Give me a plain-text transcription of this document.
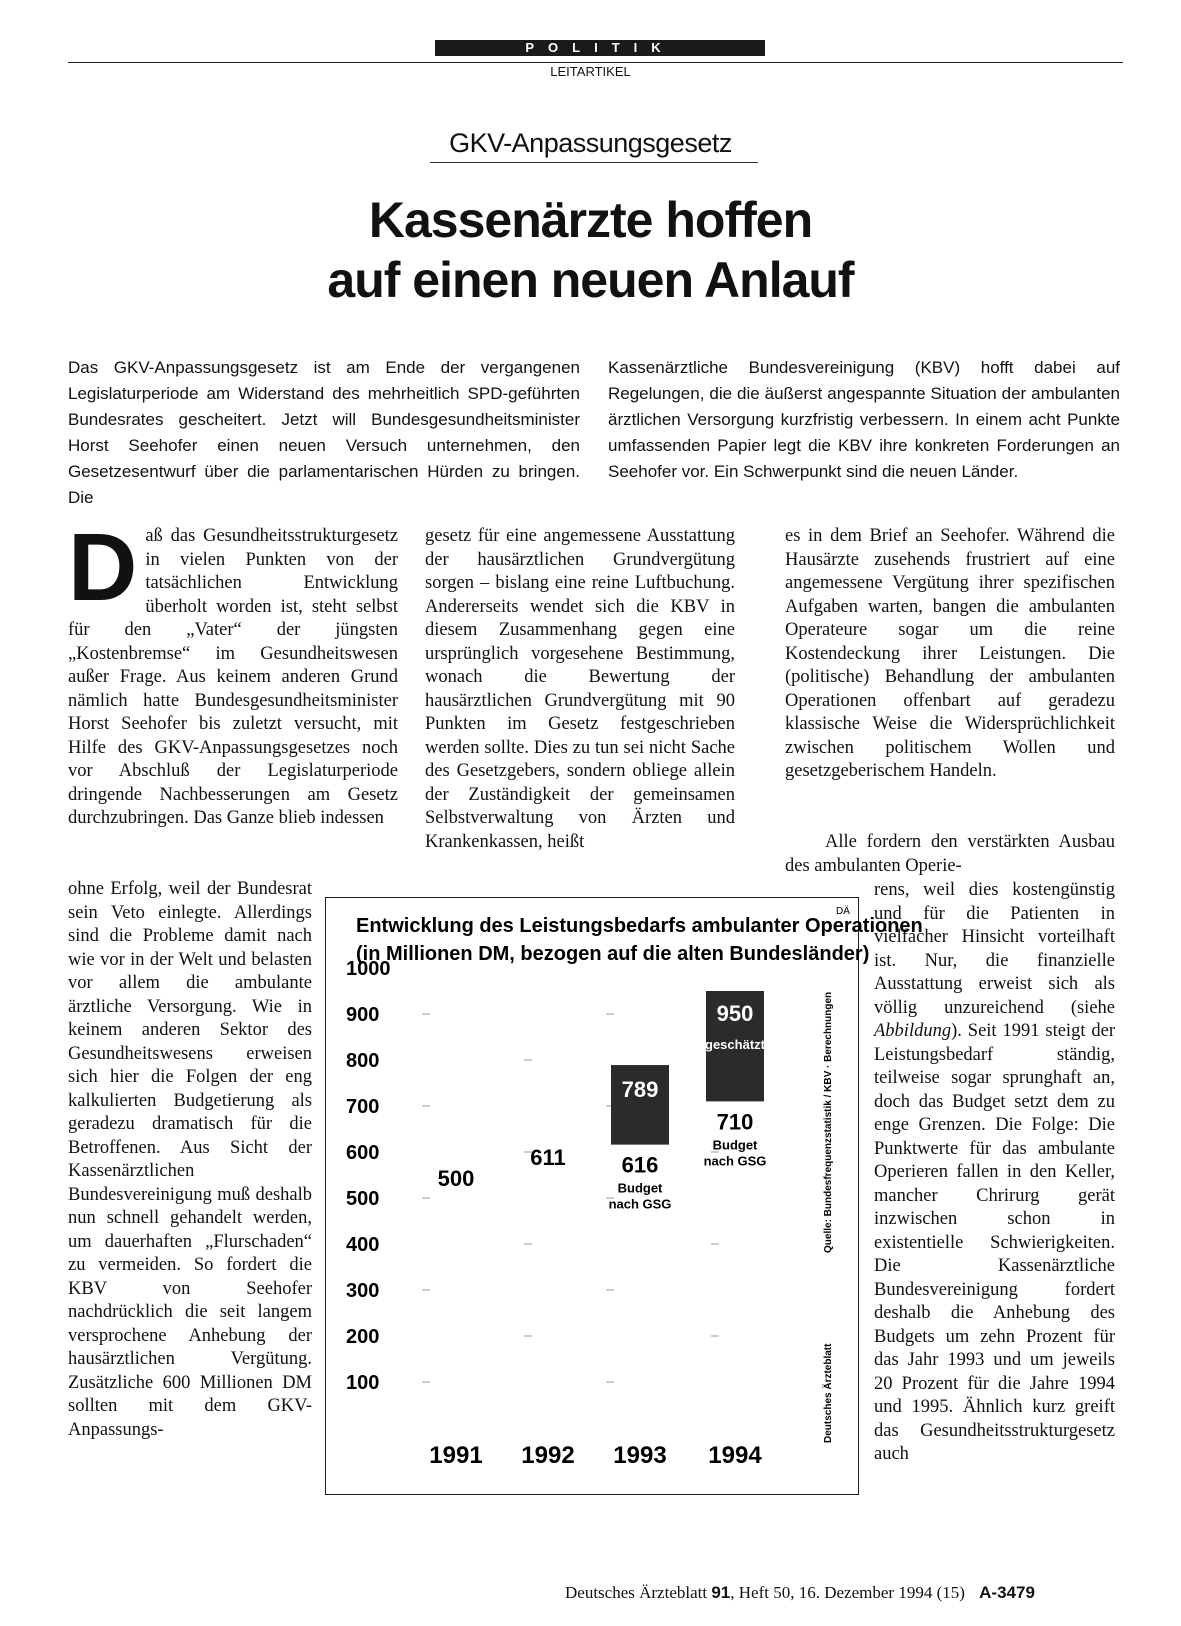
POLITIK
LEITARTIKEL
GKV-Anpassungsgesetz
Kassenärzte hoffen
auf einen neuen Anlauf
Das GKV-Anpassungsgesetz ist am Ende der vergangenen Legislaturperiode am Widerstand des mehrheitlich SPD-geführten Bundesrates gescheitert. Jetzt will Bundesgesundheitsminister Horst Seehofer einen neuen Versuch unternehmen, den Gesetzesentwurf über die parlamentarischen Hürden zu bringen. Die
Kassenärztliche Bundesvereinigung (KBV) hofft dabei auf Regelungen, die die äußerst angespannte Situation der ambulanten ärztlichen Versorgung kurzfristig verbessern. In einem acht Punkte umfassenden Papier legt die KBV ihre konkreten Forderungen an Seehofer vor. Ein Schwerpunkt sind die neuen Länder.
Daß das Gesundheitsstrukturgesetz in vielen Punkten von der tatsächlichen Entwicklung überholt worden ist, steht selbst für den „Vater“ der jüngsten „Kostenbremse“ im Gesundheitswesen außer Frage. Aus keinem anderen Grund nämlich hatte Bundesgesundheitsminister Horst Seehofer bis zuletzt versucht, mit Hilfe des GKV-Anpassungsgesetzes noch vor Abschluß der Legislaturperiode dringende Nachbesserungen am Gesetz durchzubringen. Das Ganze blieb indessen
ohne Erfolg, weil der Bundesrat sein Veto einlegte. Allerdings sind die Probleme damit nach wie vor in der Welt und belasten vor allem die ambulante ärztliche Versorgung. Wie in keinem anderen Sektor des Gesundheitswesens erweisen sich hier die Folgen der eng kalkulierten Budgetierung als geradezu dramatisch für die Betroffenen. Aus Sicht der Kassenärztlichen Bundesvereinigung muß deshalb nun schnell gehandelt werden, um dauerhaften „Flurschaden“ zu vermeiden. So fordert die KBV von Seehofer nachdrücklich die seit langem versprochene Anhebung der hausärztlichen Vergütung. Zusätzliche 600 Millionen DM sollten mit dem GKV-Anpassungs-
gesetz für eine angemessene Ausstattung der hausärztlichen Grundvergütung sorgen – bislang eine reine Luftbuchung. Andererseits wendet sich die KBV in diesem Zusammenhang gegen eine ursprünglich vorgesehene Bestimmung, wonach die Bewertung der hausärztlichen Grundvergütung mit 90 Punkten im Gesetz festgeschrieben werden sollte. Dies zu tun sei nicht Sache des Gesetzgebers, sondern obliege allein der Zuständigkeit der gemeinsamen Selbstverwaltung von Ärzten und Krankenkassen, heißt
es in dem Brief an Seehofer. Während die Hausärzte zusehends frustriert auf eine angemessene Vergütung ihrer spezifischen Aufgaben warten, bangen die ambulanten Operateure sogar um die reine Kostendeckung ihrer Leistungen. Die (politische) Behandlung der ambulanten Operationen offenbart auf geradezu klassische Weise die Widersprüchlichkeit zwischen politischem Wollen und gesetzgeberischem Handeln.
Alle fordern den verstärkten Ausbau des ambulanten Operie-
rens, weil dies kostengünstig und für die Patienten in vielfacher Hinsicht vorteilhaft ist. Nur, die finanzielle Ausstattung erweist sich als völlig unzureichend (siehe Abbildung). Seit 1991 steigt der Leistungsbedarf ständig, teilweise sogar sprunghaft an, doch das Budget setzt dem zu enge Grenzen. Die Folge: Die Punktwerte für das ambulante Operieren fallen in den Keller, mancher Chrirurg gerät inzwischen schon in existentielle Schwierigkeiten. Die Kassenärztliche Bundesvereinigung fordert deshalb die Anhebung des Budgets um zehn Prozent für das Jahr 1993 und um jeweils 20 Prozent für die Jahre 1994 und 1995. Ähnlich kurz greift das Gesundheitsstrukturgesetz auch
Entwicklung des Leistungsbedarfs ambulanter Operationen
(in Millionen DM, bezogen auf die alten Bundesländer)
DÄ
1000
900
800
700
600
500
400
300
200
100
1991 1992 1993 1994
789
950
geschätzt
500
611	616
Budget
nach GSG
710
Budget
nach GSG	Quelle: Bundesfrequenzstatistik / KBV · Berechnungen
Deutsches Ärzteblatt
Deutsches Ärzteblatt 91, Heft 50, 16. Dezember 1994 (15) A-3479
